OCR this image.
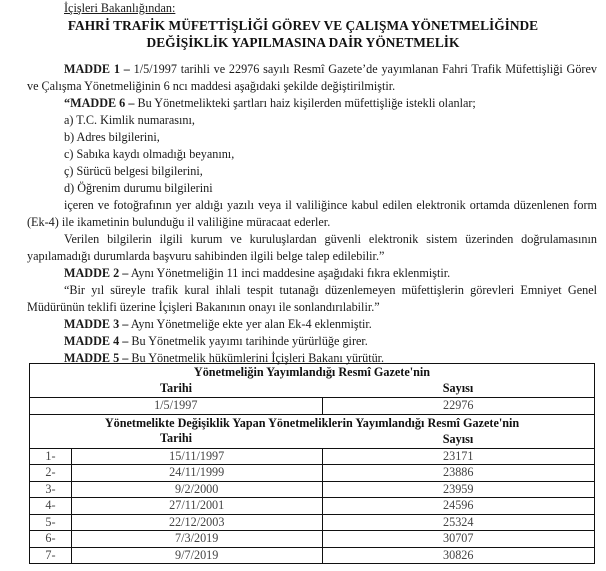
İçişleri Bakanlığından:
FAHRİ TRAFİK MÜFETTİŞLİĞİ GÖREV VE ÇALIŞMA YÖNETMELİĞİNDE
DEĞİŞİKLİK YAPILMASINA DAİR YÖNETMELİK

MADDE 1 – 1/5/1997 tarihli ve 22976 sayılı Resmî Gazete’de yayımlanan Fahri Trafik Müfettişliği Görev ve Çalışma Yönetmeliğinin 6 ncı maddesi aşağıdaki şekilde değiştirilmiştir.

“MADDE 6 – Bu Yönetmelikteki şartları haiz kişilerden müfettişliğe istekli olanlar;

a) T.C. Kimlik numarasını,

b) Adres bilgilerini,

c) Sabıka kaydı olmadığı beyanını,

ç) Sürücü belgesi bilgilerini,

d) Öğrenim durumu bilgilerini

içeren ve fotoğrafının yer aldığı yazılı veya il valiliğince kabul edilen elektronik ortamda düzenlenen form (Ek-4) ile ikametinin bulunduğu il valiliğine müracaat ederler.

Verilen bilgilerin ilgili kurum ve kuruluşlardan güvenli elektronik sistem üzerinden doğrulamasının yapılamadığı durumlarda başvuru sahibinden ilgili belge talep edilebilir.”

MADDE 2 – Aynı Yönetmeliğin 11 inci maddesine aşağıdaki fıkra eklenmiştir.

“Bir yıl süreyle trafik kural ihlali tespit tutanağı düzenlemeyen müfettişlerin görevleri Emniyet Genel Müdürünün teklifi üzerine İçişleri Bakanının onayı ile sonlandırılabilir.”

MADDE 3 – Aynı Yönetmeliğe ekte yer alan Ek-4 eklenmiştir.

MADDE 4 – Bu Yönetmelik yayımı tarihinde yürürlüğe girer.

MADDE 5 – Bu Yönetmelik hükümlerini İçişleri Bakanı yürütür.

Yönetmeliğin Yayımlandığı Resmî Gazete'nin		
Tarihi		Sayısı
1/5/1997		22976
Yönetmelikte Değişiklik Yapan Yönetmeliklerin Yayımlandığı Resmî Gazete'nin		
Tarihi		Sayısı
1-	15/11/1997	23171
2-	24/11/1999	23886
3-	9/2/2000	23959
4-	27/11/2001	24596
5-	22/12/2003	25324
6-	7/3/2019	30707
7-	9/7/2019	30826
